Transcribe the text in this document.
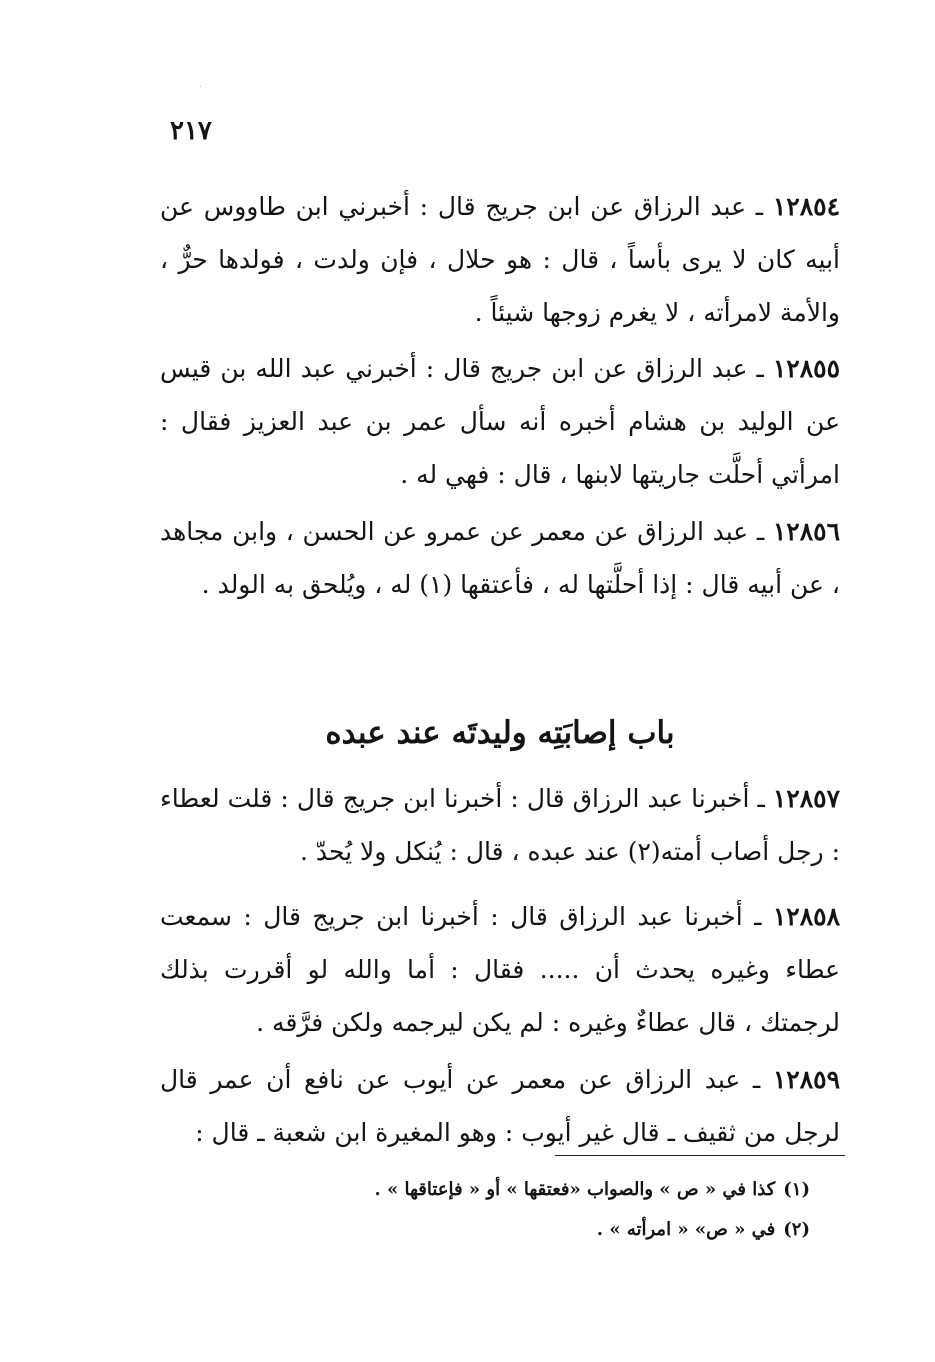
٢١٧

١٢٨٥٤ ـ عبد الرزاق عن ابن جريج قال : أخبرني ابن طاووس عن أبيه كان لا يرى بأساً ، قال : هو حلال ، فإن ولدت ، فولدها حرٌّ ، والأمة لامرأته ، لا يغرم زوجها شيئاً .

١٢٨٥٥ ـ عبد الرزاق عن ابن جريج قال : أخبرني عبد الله بن قيس عن الوليد بن هشام أخبره أنه سأل عمر بن عبد العزيز فقال : امرأتي أحلَّت جاريتها لابنها ، قال : فهي له .

١٢٨٥٦ ـ عبد الرزاق عن معمر عن عمرو عن الحسن ، وابن مجاهد ، عن أبيه قال : إذا أحلَّتها له ، فأعتقها (١) له ، ويُلحق به الولد .

باب إصابَتِه وليدتَه عند عبده

١٢٨٥٧ ـ أخبرنا عبد الرزاق قال : أخبرنا ابن جريج قال : قلت لعطاء : رجل أصاب أمته(٢) عند عبده ، قال : يُنكل ولا يُحدّ .

١٢٨٥٨ ـ أخبرنا عبد الرزاق قال : أخبرنا ابن جريج قال : سمعت عطاء وغيره يحدث أن ..... فقال : أما والله لو أقررت بذلك لرجمتك ، قال عطاءٌ وغيره : لم يكن ليرجمه ولكن فرَّقه .

١٢٨٥٩ ـ عبد الرزاق عن معمر عن أيوب عن نافع أن عمر قال لرجل من ثقيف ـ قال غير أيوب : وهو المغيرة ابن شعبة ـ قال :

(١)كذا في « ص » والصواب «فعتقها » أو « فإعتاقها » .
(٢)في « ص» « امرأته » .
